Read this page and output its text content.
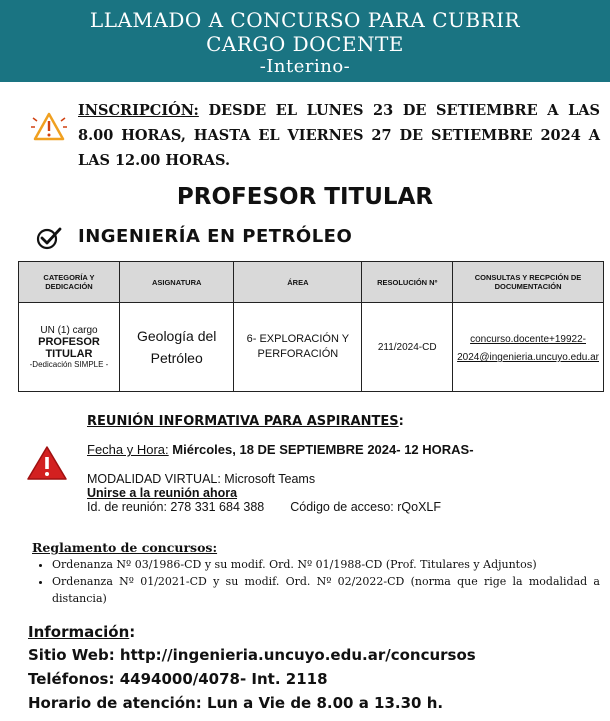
LLAMADO A CONCURSO PARA CUBRIR
CARGO DOCENTE
-Interino-
INSCRIPCIÓN: DESDE EL LUNES 23 DE SETIEMBRE A LAS 8.00 HORAS, HASTA EL VIERNES 27 DE SETIEMBRE 2024 A LAS 12.00 HORAS.
PROFESOR TITULAR
INGENIERÍA EN PETRÓLEO
CATEGORÍA Y DEDICACIÓN	ASIGNATURA	ÁREA	RESOLUCIÓN Nº	CONSULTAS Y RECPCIÓN DE DOCUMENTACIÓN

UN (1) cargo
PROFESOR TITULAR
-Dedicación SIMPLE -	Geología del Petróleo	6- EXPLORACIÓN Y PERFORACIÓN	211/2024-CD	concurso.docente+19922-2024@ingenieria.uncuyo.edu.ar
REUNIÓN INFORMATIVA PARA ASPIRANTES:
Fecha y Hora: Miércoles, 18 DE SEPTIEMBRE 2024- 12 HORAS-
MODALIDAD VIRTUAL: Microsoft Teams
Unirse a la reunión ahora
Id. de reunión: 278 331 684 388 Código de acceso: rQoXLF
Reglamento de concursos:
• Ordenanza Nº 03/1986-CD y su modif. Ord. Nº 01/1988-CD (Prof. Titulares y Adjuntos)
• Ordenanza Nº 01/2021-CD y su modif. Ord. Nº 02/2022-CD (norma que rige la modalidad a distancia)
Información:
Sitio Web: http://ingenieria.uncuyo.edu.ar/concursos
Teléfonos: 4494000/4078- Int. 2118
Horario de atención: Lun a Vie de 8.00 a 13.30 h.
